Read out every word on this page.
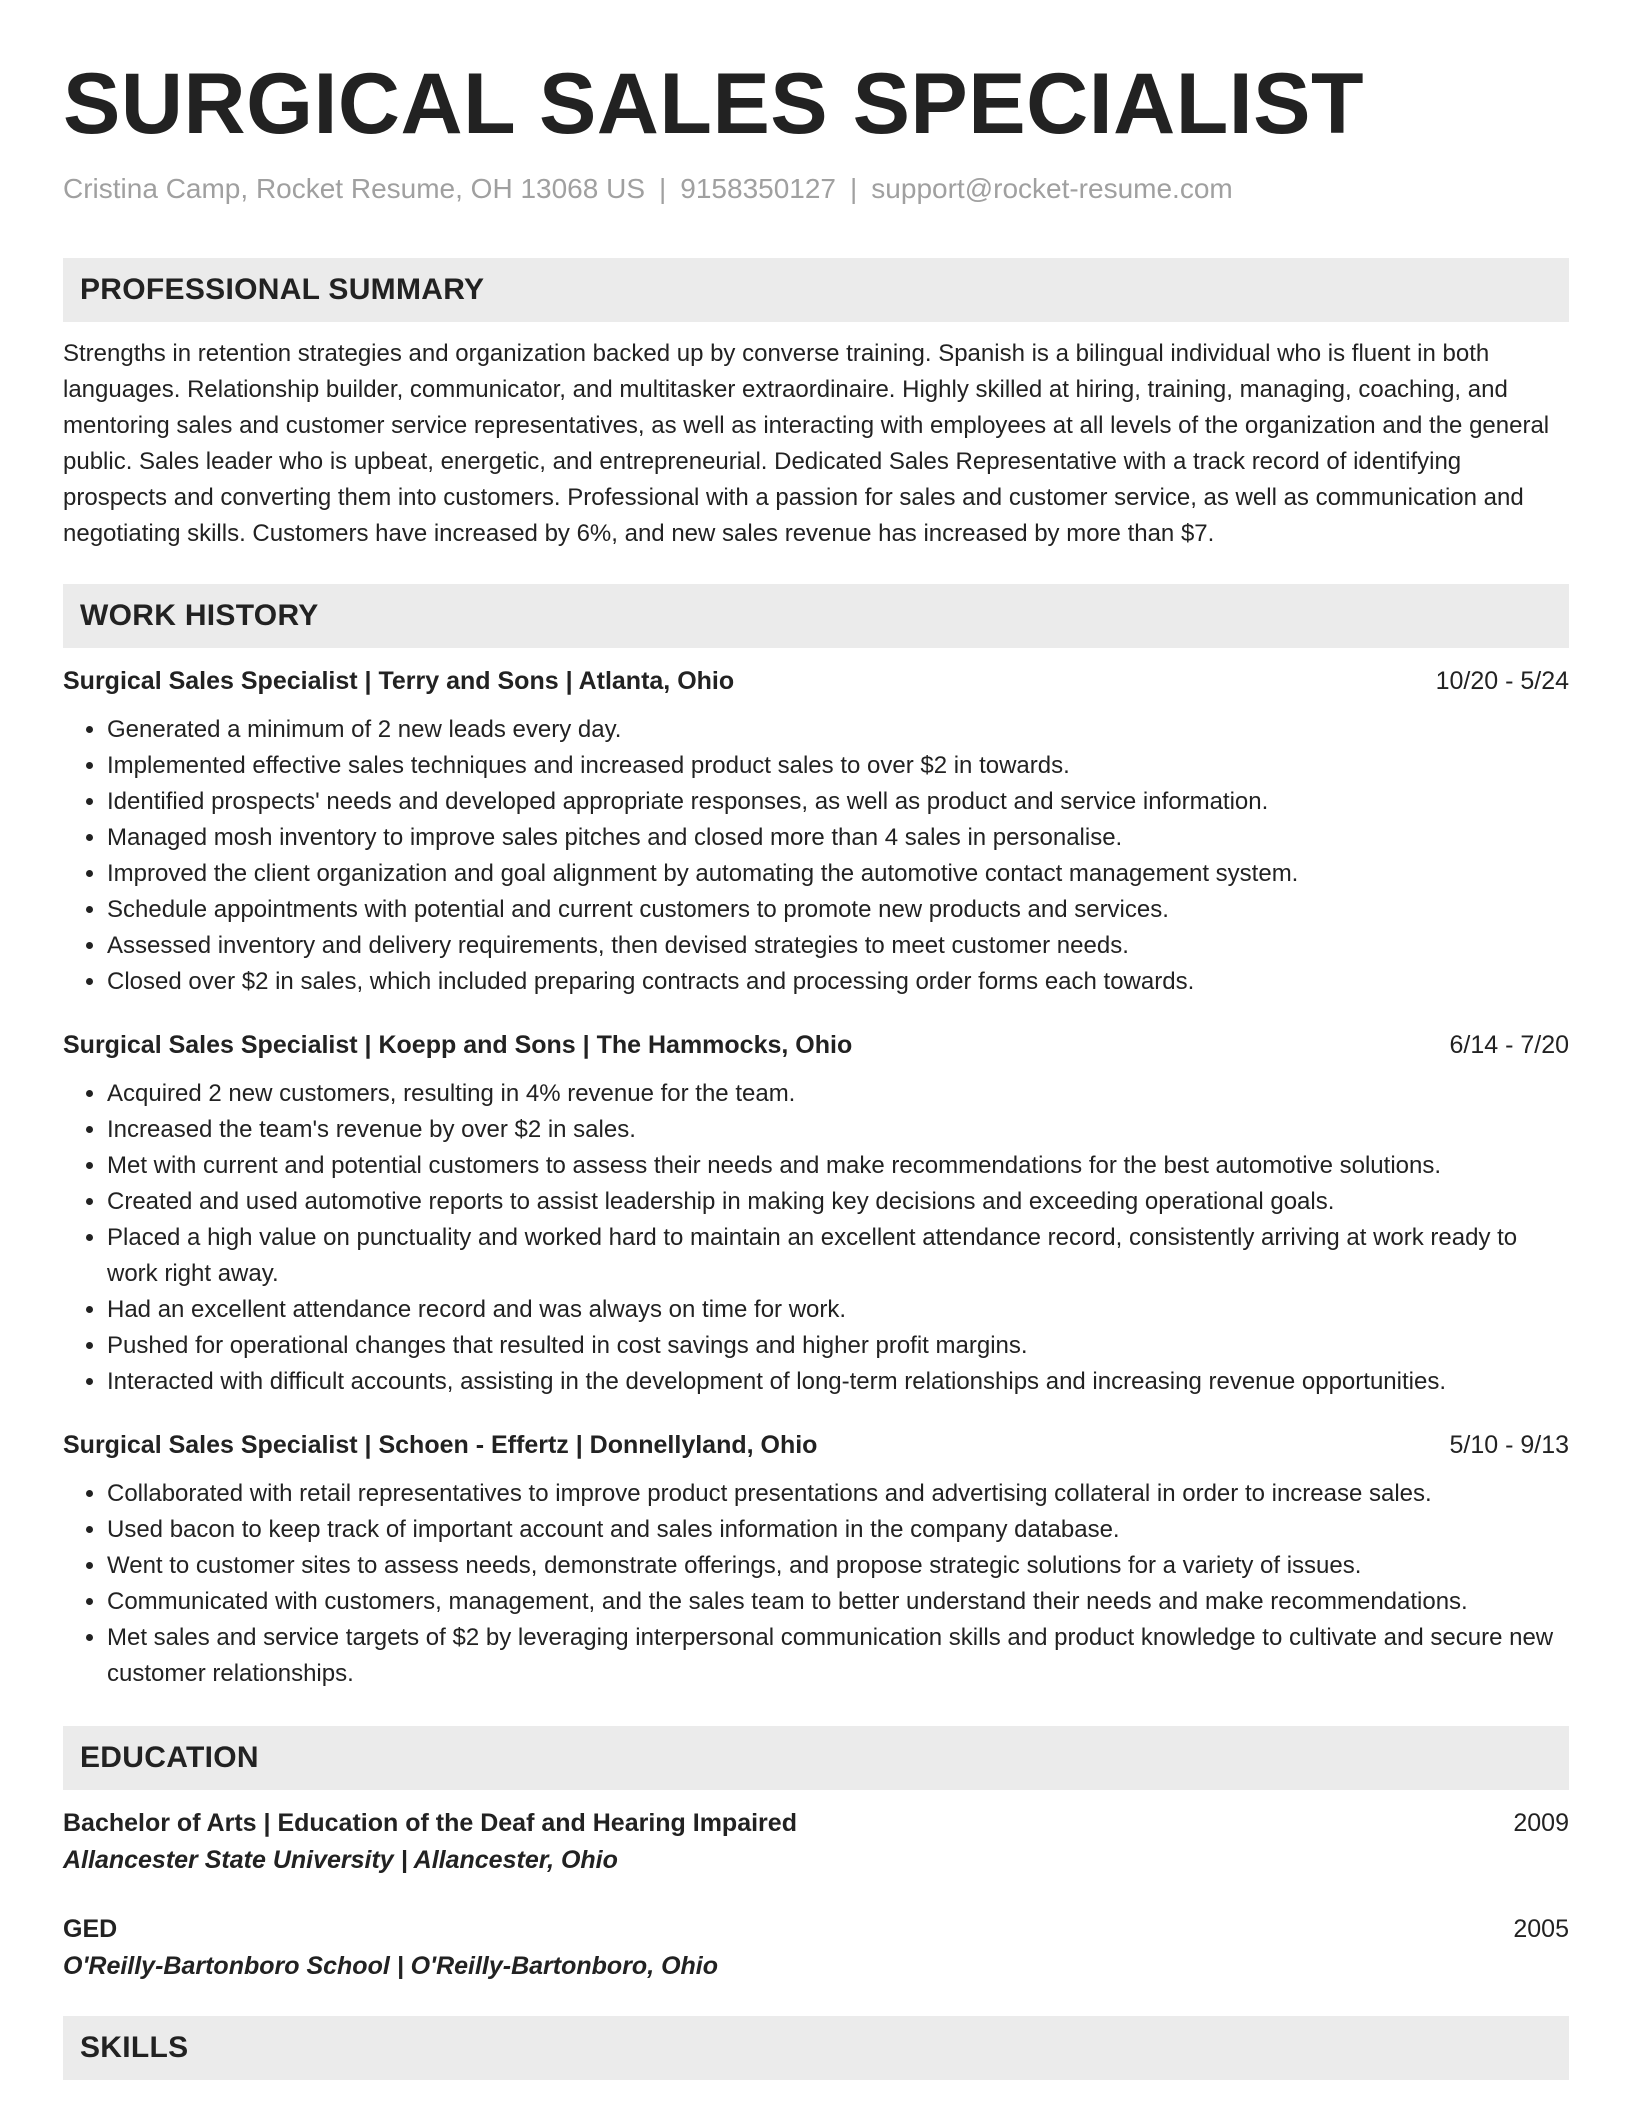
SURGICAL SALES SPECIALIST
Cristina Camp, Rocket Resume, OH 13068 US | 9158350127 | support@rocket-resume.com
PROFESSIONAL SUMMARY

Strengths in retention strategies and organization backed up by converse training. Spanish is a bilingual individual who is fluent in both languages. Relationship builder, communicator, and multitasker extraordinaire. Highly skilled at hiring, training, managing, coaching, and mentoring sales and customer service representatives, as well as interacting with employees at all levels of the organization and the general public. Sales leader who is upbeat, energetic, and entrepreneurial. Dedicated Sales Representative with a track record of identifying prospects and converting them into customers. Professional with a passion for sales and customer service, as well as communication and negotiating skills. Customers have increased by 6%, and new sales revenue has increased by more than $7.

WORK HISTORY
Surgical Sales Specialist | Terry and Sons | Atlanta, Ohio	10/20 - 5/24
• Generated a minimum of 2 new leads every day.
• Implemented effective sales techniques and increased product sales to over $2 in towards.
• Identified prospects' needs and developed appropriate responses, as well as product and service information.
• Managed mosh inventory to improve sales pitches and closed more than 4 sales in personalise.
• Improved the client organization and goal alignment by automating the automotive contact management system.
• Schedule appointments with potential and current customers to promote new products and services.
• Assessed inventory and delivery requirements, then devised strategies to meet customer needs.
• Closed over $2 in sales, which included preparing contracts and processing order forms each towards.
Surgical Sales Specialist | Koepp and Sons | The Hammocks, Ohio	6/14 - 7/20
• Acquired 2 new customers, resulting in 4% revenue for the team.
• Increased the team's revenue by over $2 in sales.
• Met with current and potential customers to assess their needs and make recommendations for the best automotive solutions.
• Created and used automotive reports to assist leadership in making key decisions and exceeding operational goals.
• Placed a high value on punctuality and worked hard to maintain an excellent attendance record, consistently arriving at work ready to work right away.
• Had an excellent attendance record and was always on time for work.
• Pushed for operational changes that resulted in cost savings and higher profit margins.
• Interacted with difficult accounts, assisting in the development of long-term relationships and increasing revenue opportunities.
Surgical Sales Specialist | Schoen - Effertz | Donnellyland, Ohio	5/10 - 9/13
• Collaborated with retail representatives to improve product presentations and advertising collateral in order to increase sales.
• Used bacon to keep track of important account and sales information in the company database.
• Went to customer sites to assess needs, demonstrate offerings, and propose strategic solutions for a variety of issues.
• Communicated with customers, management, and the sales team to better understand their needs and make recommendations.
• Met sales and service targets of $2 by leveraging interpersonal communication skills and product knowledge to cultivate and secure new customer relationships.
EDUCATION
Bachelor of Arts | Education of the Deaf and Hearing Impaired	2009
Allancester State University | Allancester, Ohio
GED	2005
O'Reilly-Bartonboro School | O'Reilly-Bartonboro, Ohio
SKILLS
